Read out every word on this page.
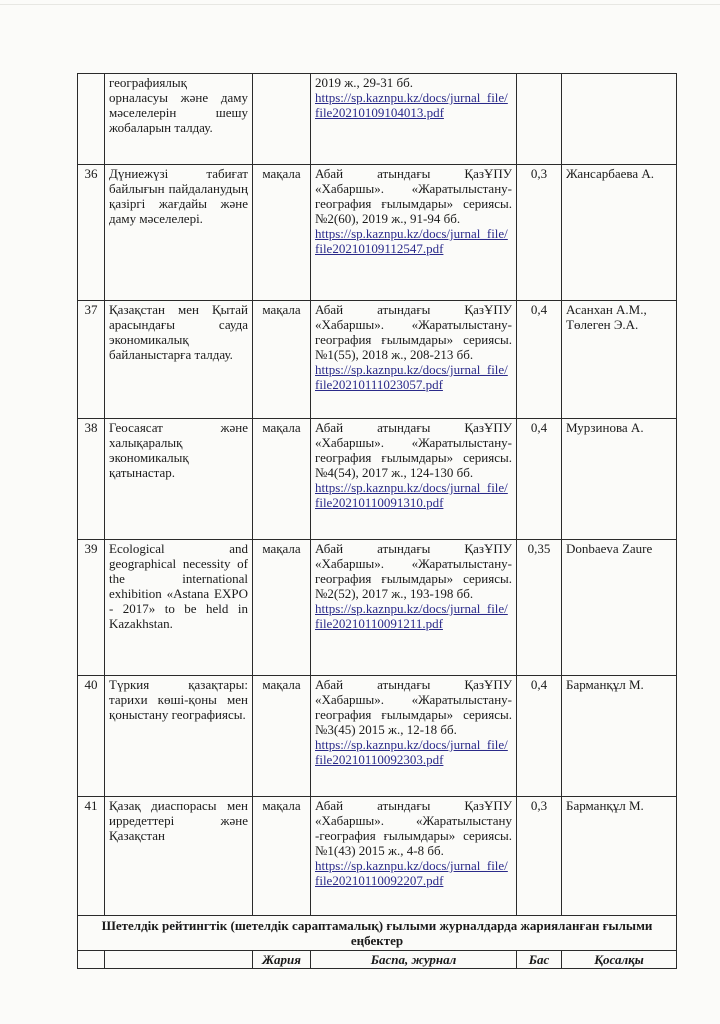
	географиялық орналасуы және даму мәселелерін шешу жобаларын талдау.		2019 ж., 29-31 бб.
https://sp.kaznpu.kz/docs/jurnal_file/file20210109104013.pdf		
36	Дүниежүзі табиғат байлығын пайдаланудың қазіргі жағдайы және даму мәселелері.	мақала	Абай атындағы ҚазҰПУ «Хабаршы». «Жаратылыстану-география ғылымдары» сериясы. №2(60), 2019 ж., 91-94 бб.
https://sp.kaznpu.kz/docs/jurnal_file/file20210109112547.pdf	0,3	Жансарбаева А.
37	Қазақстан мен Қытай арасындағы сауда экономикалық байланыстарға талдау.	мақала	Абай атындағы ҚазҰПУ «Хабаршы». «Жаратылыстану-география ғылымдары» сериясы. №1(55), 2018 ж., 208-213 бб.
https://sp.kaznpu.kz/docs/jurnal_file/file20210111023057.pdf	0,4	Асанхан А.М., Төлеген Э.А.
38	Геосаясат және халықаралық экономикалық қатынастар.	мақала	Абай атындағы ҚазҰПУ «Хабаршы». «Жаратылыстану-география ғылымдары» сериясы. №4(54), 2017 ж., 124-130 бб.
https://sp.kaznpu.kz/docs/jurnal_file/file20210110091310.pdf	0,4	Мурзинова А.
39	Ecological and geographical necessity of the international exhibition «Astana EXPO - 2017» to be held in Kazakhstan.	мақала	Абай атындағы ҚазҰПУ «Хабаршы». «Жаратылыстану-география ғылымдары» сериясы. №2(52), 2017 ж., 193-198 бб.
https://sp.kaznpu.kz/docs/jurnal_file/file20210110091211.pdf	0,35	Donbaeva Zaure
40	Түркия қазақтары: тарихи көші-қоны мен қоныстану географиясы.	мақала	Абай атындағы ҚазҰПУ «Хабаршы». «Жаратылыстану-география ғылымдары» сериясы. №3(45) 2015 ж., 12-18 бб.
https://sp.kaznpu.kz/docs/jurnal_file/file20210110092303.pdf	0,4	Барманқұл М.
41	Қазақ диаспорасы мен ирредеттері және Қазақстан	мақала	Абай атындағы ҚазҰПУ «Хабаршы». «Жаратылыстану -география ғылымдары» сериясы. №1(43) 2015 ж., 4-8 бб.
https://sp.kaznpu.kz/docs/jurnal_file/file20210110092207.pdf	0,3	Барманқұл М.
Шетелдік рейтингтік (шетелдік сараптамалық) ғылыми журналдарда жарияланған ғылыми еңбектер					
		Жария	Баспа, журнал	Бас	Қосалқы
